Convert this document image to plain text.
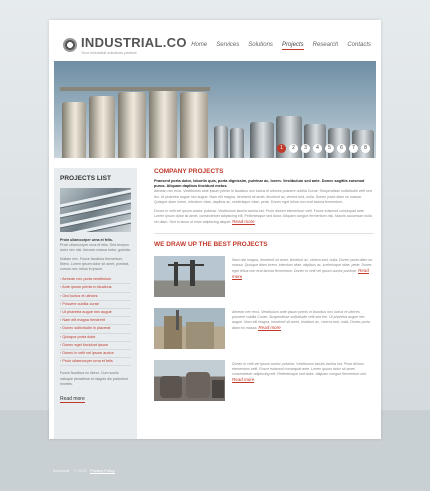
INDUSTRIAL.CO
Your industrial solutions partner
Home Services Solutions Projects Research Contacts
1	2	3	4	5	6	7	8
PROJECTS LIST
Proin ullamcorper urna et felis.
Proin ullamcorper urna et felis. Sed tempus dolor nec nisi. Aenean massa tortor, gravida.
Nullam nec. Fusce faucibus fermentum libero. Lorem ipsum dolor sit amet, predeat, cursus nec, tellus in ipsum.
› Aenean nec porta vestibulum
› Ante ipsum primis in faucibus
› Orci luctus et ultrices
› Posuere cubilia curae
› Ut pharetra augue nec augue
› Nam elit magna hendrerit
› Donec sollicitudin in placerat
› Quisque porta dolor
› Donec eget tincidunt ipsum
› Donec in velit vel ipsum auctor
› Proin ullamcorper urna et felis
Fusce faucibus eu libero. Cum sociis natoque penatibus et magnis dis parturient montes.
Read more
COMPANY PROJECTS
Praesent porta dolor, lobortis quis, porta dignissim, pulvinar ac, lorem. Vestibulum sed ante. Donec sagittis euismod purus. Aliquam dapibus tincidunt metus.
Aenean nec eros. Vestibulum ante ipsum primis in faucibus orci luctus et ultrices posuere cubilia Curae; Suspendisse sollicitudin velit sed leo. Ut pharetra augue nec augue. Nam elit magna, hendrerit sit amet, tincidunt ac, viverra sed, nulla. Donec porta diam eu massa. Quisque diam lorem, interdum vitae, dapibus ac, scelerisque vitae, pede. Donec eget tellus non erat lacinia fermentum.
Donec in velit vel ipsum auctor pulvinar. Vestibulum iaculis lacinia est. Proin dictum elementum velit. Fusce euismod consequat ante. Lorem ipsum dolor sit amet, consectetuer adipiscing elit. Pellentesque sed dolor. Aliquam congue fermentum nisl. Mauris accumsan nulla vel diam. Sed in lacus ut enim adipiscing aliquet. Read more
WE DRAW UP THE BEST PROJECTS
Nam nisi magna, hendrerit sit amet, tincidunt ac, viverra sed, nulla. Donec porta diam eu massa. Quisque diam lorem, interdum vitae, dapibus ac, scelerisque vitae, pede. Donec eget tellus non erat lacinia fermentum. Donec in velit vel ipsum auctor pulvinar. Read more
Aenean nec eros. Vestibulum ante ipsum primis in faucibus orci luctus et ultrices posuere cubilia Curae; Suspendisse sollicitudin velit sed leo. Ut pharetra augue nec augue. Nam elit magna, hendrerit sit amet, tincidunt ac, viverra sed, nulla. Donec porta diam eu massa. Read more
Donec in velit vel ipsum auctor pulvinar. Vestibulum iaculis lacinia est. Proin dictum elementum velit. Fusce euismod consequat ante. Lorem ipsum dolor sit amet, consectetuer adipiscing elit. Pellentesque sed dolor. Aliquam congue fermentum nisl. Read more
Industrial © 2010 Privacy Policy
